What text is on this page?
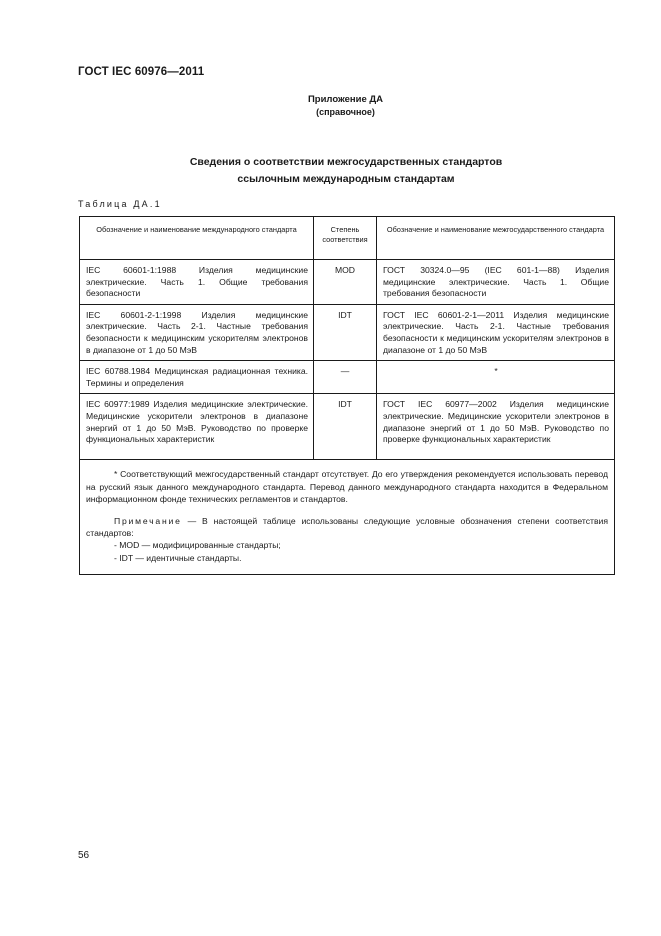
ГОСТ IEC 60976—2011
Приложение ДА
(справочное)
Сведения о соответствии межгосударственных стандартов
ссылочным международным стандартам
Таблица ДА.1
Обозначение и наименование международного стандарта	Степень соответствия	Обозначение и наименование межгосударственного стандарта
IEC 60601-1:1988 Изделия медицинские электрические. Часть 1. Общие требования безопасности	MOD	ГОСТ 30324.0—95 (IEC 601-1—88) Изделия медицинские электрические. Часть 1. Общие требования безопасности
IEC 60601-2-1:1998 Изделия медицинские электрические. Часть 2-1. Частные требования безопасности к медицинским ускорителям электронов в диапазоне от 1 до 50 МэВ	IDT	ГОСТ IEC 60601-2-1—2011 Изделия медицинские электрические. Часть 2-1. Частные требования безопасности к медицинским ускорителям электронов в диапазоне от 1 до 50 МэВ
IEC 60788.1984 Медицинская радиационная техника. Термины и определения	—	*
IEC 60977:1989 Изделия медицинские электрические. Медицинские ускорители электронов в диапазоне энергий от 1 до 50 МэВ. Руководство по проверке функциональных характеристик	IDT	ГОСТ IEC 60977—2002 Изделия медицинские электрические. Медицинские ускорители электронов в диапазоне энергий от 1 до 50 МэВ. Руководство по проверке функциональных характеристик

* Соответствующий межгосударственный стандарт отсутствует. До его утверждения рекомендуется использовать перевод на русский язык данного международного стандарта. Перевод данного международного стандарта находится в Федеральном информационном фонде технических регламентов и стандартов.

Примечание — В настоящей таблице использованы следующие условные обозначения степени соответствия стандартов:

- MOD — модифицированные стандарты;

- IDT — идентичные стандарты.		

56
